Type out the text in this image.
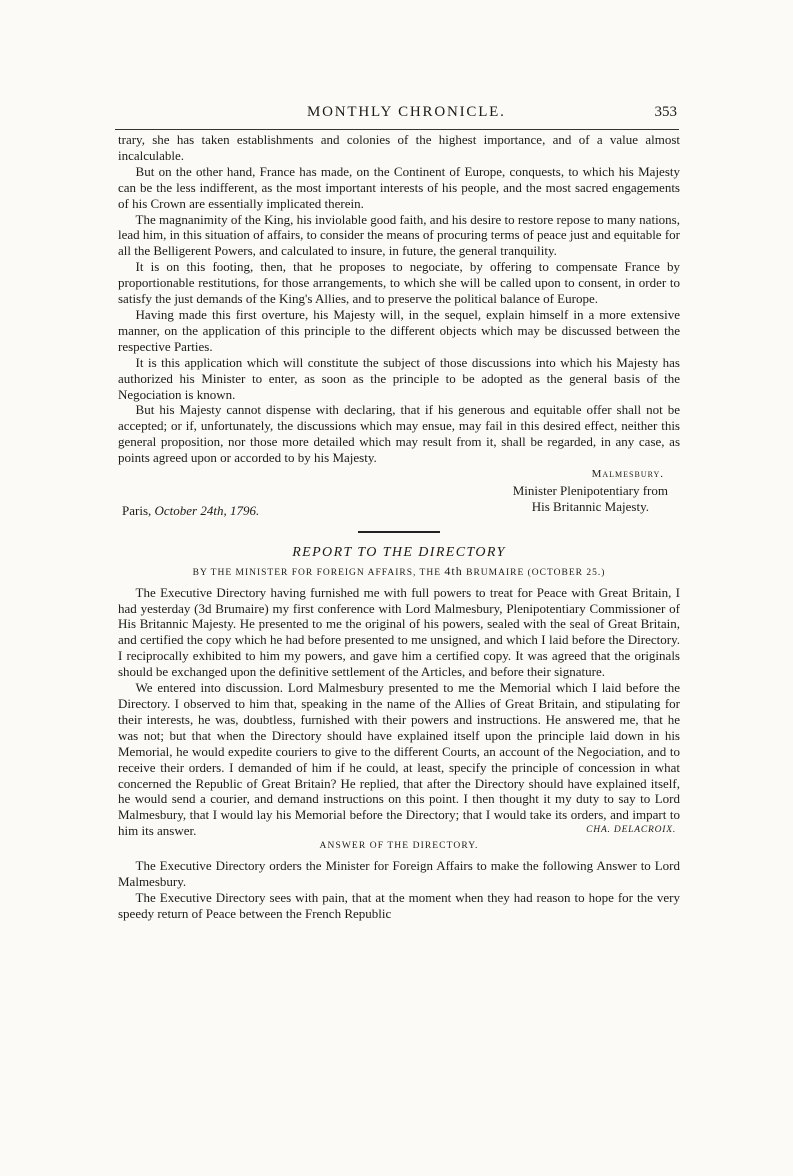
MONTHLY CHRONICLE.	353

trary, she has taken establishments and colonies of the highest importance, and of a value almost incalculable.

But on the other hand, France has made, on the Continent of Europe, conquests, to which his Majesty can be the less indifferent, as the most important interests of his people, and the most sacred engagements of his Crown are essentially implicated therein.

The magnanimity of the King, his inviolable good faith, and his desire to restore repose to many nations, lead him, in this situation of affairs, to consider the means of procuring terms of peace just and equitable for all the Belligerent Powers, and calculated to insure, in future, the general tranquility.

It is on this footing, then, that he proposes to negociate, by offering to compensate France by proportionable restitutions, for those arrangements, to which she will be called upon to consent, in order to satisfy the just demands of the King's Allies, and to preserve the political balance of Europe.

Having made this first overture, his Majesty will, in the sequel, explain himself in a more extensive manner, on the application of this principle to the different objects which may be discussed between the respective Parties.

It is this application which will constitute the subject of those discussions into which his Majesty has authorized his Minister to enter, as soon as the principle to be adopted as the general basis of the Negociation is known.

But his Majesty cannot dispense with declaring, that if his generous and equitable offer shall not be accepted; or if, unfortunately, the discussions which may ensue, may fail in this desired effect, neither this general proposition, nor those more detailed which may result from it, shall be regarded, in any case, as points agreed upon or accorded to by his Majesty.

Malmesbury.
Paris, October 24th, 1796.
Minister Plenipotentiary from
His Britannic Majesty.
REPORT TO THE DIRECTORY
BY THE MINISTER FOR FOREIGN AFFAIRS, THE 4th BRUMAIRE (OCTOBER 25.)

The Executive Directory having furnished me with full powers to treat for Peace with Great Britain, I had yesterday (3d Brumaire) my first conference with Lord Malmesbury, Plenipotentiary Commissioner of His Britannic Majesty. He presented to me the original of his powers, sealed with the seal of Great Britain, and certified the copy which he had before presented to me unsigned, and which I laid before the Directory. I reciprocally exhibited to him my powers, and gave him a certified copy. It was agreed that the originals should be exchanged upon the definitive settlement of the Articles, and before their signature.

We entered into discussion. Lord Malmesbury presented to me the Memorial which I laid before the Directory. I observed to him that, speaking in the name of the Allies of Great Britain, and stipulating for their interests, he was, doubtless, furnished with their powers and instructions. He answered me, that he was not; but that when the Directory should have explained itself upon the principle laid down in his Memorial, he would expedite couriers to give to the different Courts, an account of the Negociation, and to receive their orders. I demanded of him if he could, at least, specify the principle of concession in what concerned the Republic of Great Britain? He replied, that after the Directory should have explained itself, he would send a courier, and demand instructions on this point. I then thought it my duty to say to Lord Malmesbury, that I would lay his Memorial before the Directory; that I would take its orders, and impart to him its answer.	CHA. DELACROIX.
ANSWER OF THE DIRECTORY.

The Executive Directory orders the Minister for Foreign Affairs to make the following Answer to Lord Malmesbury.

The Executive Directory sees with pain, that at the moment when they had reason to hope for the very speedy return of Peace between the French Republic
